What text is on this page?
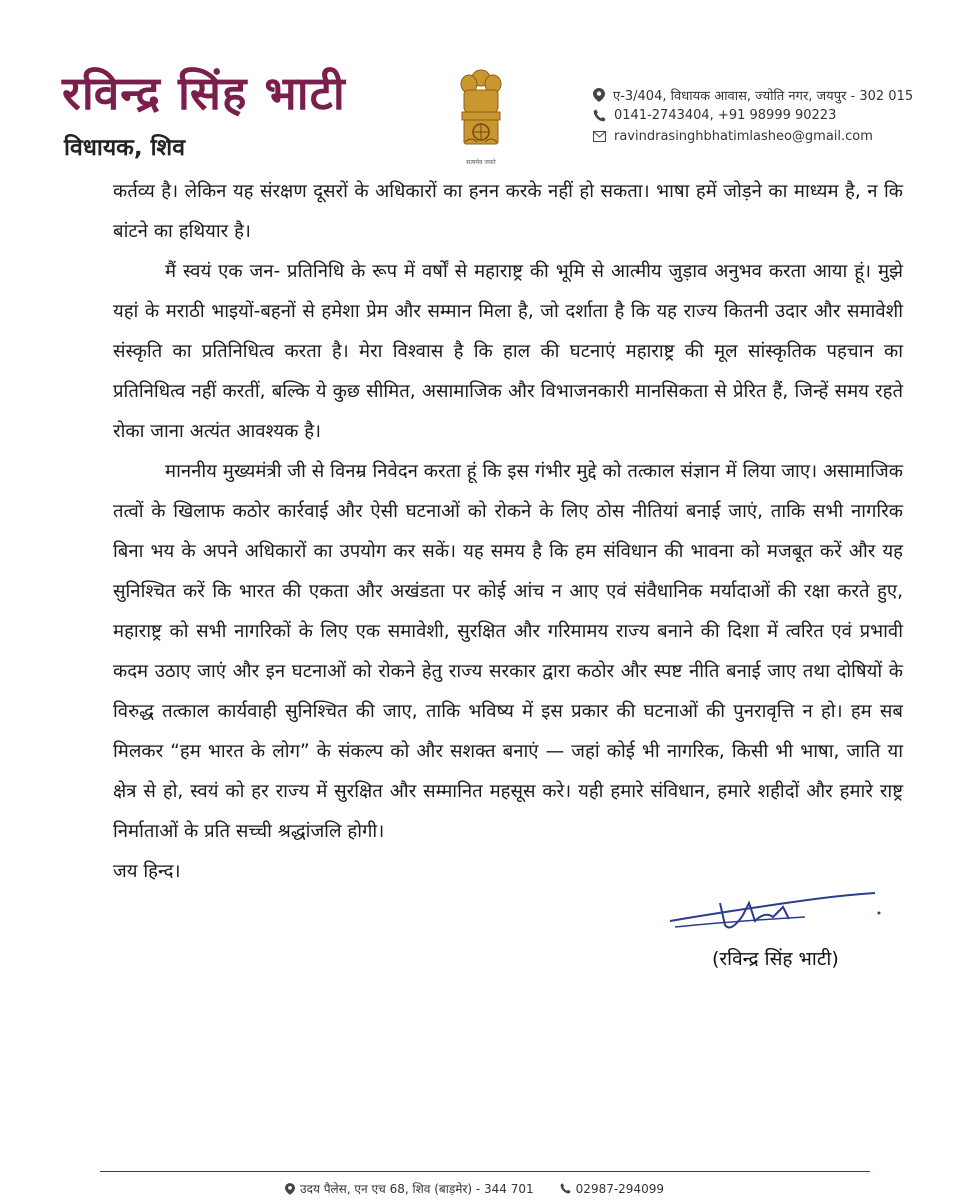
रविन्द्र सिंह भाटी
विधायक, शिव
सत्यमेव जयते
ए-3/404, विधायक आवास, ज्योति नगर, जयपुर - 302 015
0141-2743404, +91 98999 90223
ravindrasinghbhatimlasheo@gmail.com

कर्तव्य है। लेकिन यह संरक्षण दूसरों के अधिकारों का हनन करके नहीं हो सकता। भाषा हमें जोड़ने का माध्यम है, न कि बांटने का हथियार है।

मैं स्वयं एक जन- प्रतिनिधि के रूप में वर्षों से महाराष्ट्र की भूमि से आत्मीय जुड़ाव अनुभव करता आया हूं। मुझे यहां के मराठी भाइयों-बहनों से हमेशा प्रेम और सम्मान मिला है, जो दर्शाता है कि यह राज्य कितनी उदार और समावेशी संस्कृति का प्रतिनिधित्व करता है। मेरा विश्वास है कि हाल की घटनाएं महाराष्ट्र की मूल सांस्कृतिक पहचान का प्रतिनिधित्व नहीं करतीं, बल्कि ये कुछ सीमित, असामाजिक और विभाजनकारी मानसिकता से प्रेरित हैं, जिन्हें समय रहते रोका जाना अत्यंत आवश्यक है।

माननीय मुख्यमंत्री जी से विनम्र निवेदन करता हूं कि इस गंभीर मुद्दे को तत्काल संज्ञान में लिया जाए। असामाजिक तत्वों के खिलाफ कठोर कार्रवाई और ऐसी घटनाओं को रोकने के लिए ठोस नीतियां बनाई जाएं, ताकि सभी नागरिक बिना भय के अपने अधिकारों का उपयोग कर सकें। यह समय है कि हम संविधान की भावना को मजबूत करें और यह सुनिश्चित करें कि भारत की एकता और अखंडता पर कोई आंच न आए एवं संवैधानिक मर्यादाओं की रक्षा करते हुए, महाराष्ट्र को सभी नागरिकों के लिए एक समावेशी, सुरक्षित और गरिमामय राज्य बनाने की दिशा में त्वरित एवं प्रभावी कदम उठाए जाएं और इन घटनाओं को रोकने हेतु राज्य सरकार द्वारा कठोर और स्पष्ट नीति बनाई जाए तथा दोषियों के विरुद्ध तत्काल कार्यवाही सुनिश्चित की जाए, ताकि भविष्य में इस प्रकार की घटनाओं की पुनरावृत्ति न हो। हम सब मिलकर “हम भारत के लोग” के संकल्प को और सशक्त बनाएं — जहां कोई भी नागरिक, किसी भी भाषा, जाति या क्षेत्र से हो, स्वयं को हर राज्य में सुरक्षित और सम्मानित महसूस करे। यही हमारे संविधान, हमारे शहीदों और हमारे राष्ट्र निर्माताओं के प्रति सच्ची श्रद्धांजलि होगी।

जय हिन्द।

(रविन्द्र सिंह भाटी)
उदय पैलेस, एन एच 68, शिव (बाड़मेर) - 344 701	02987-294099
